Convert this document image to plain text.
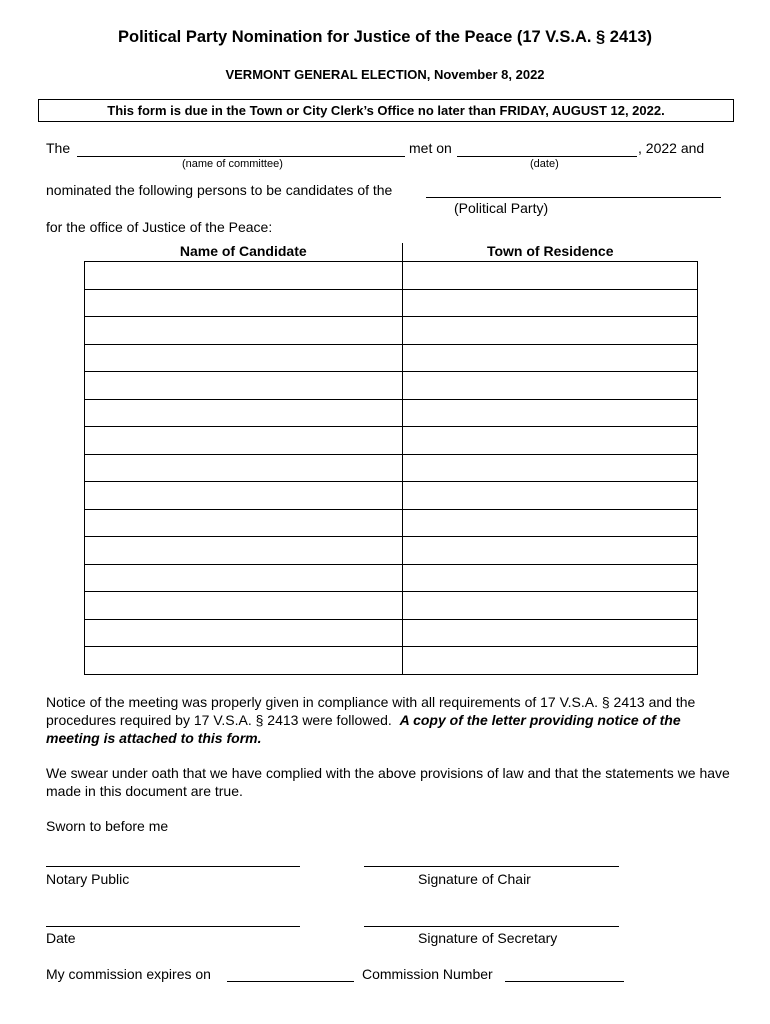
Political Party Nomination for Justice of the Peace (17 V.S.A. § 2413)
VERMONT GENERAL ELECTION, November 8, 2022
This form is due in the Town or City Clerk’s Office no later than FRIDAY, AUGUST 12, 2022.
The	met on	, 2022 and
(name of committee)	(date)
nominated the following persons to be candidates of the
(Political Party)
for the office of Justice of the Peace:
Name of Candidate	Town of Residence

Notice of the meeting was properly given in compliance with all requirements of 17 V.S.A. § 2413 and the procedures required by 17 V.S.A. § 2413 were followed. A copy of the letter providing notice of the meeting is attached to this form.
We swear under oath that we have complied with the above provisions of law and that the statements we have made in this document are true.
Sworn to before me
Notary Public	Signature of Chair
Date	Signature of Secretary
My commission expires on	Commission Number
